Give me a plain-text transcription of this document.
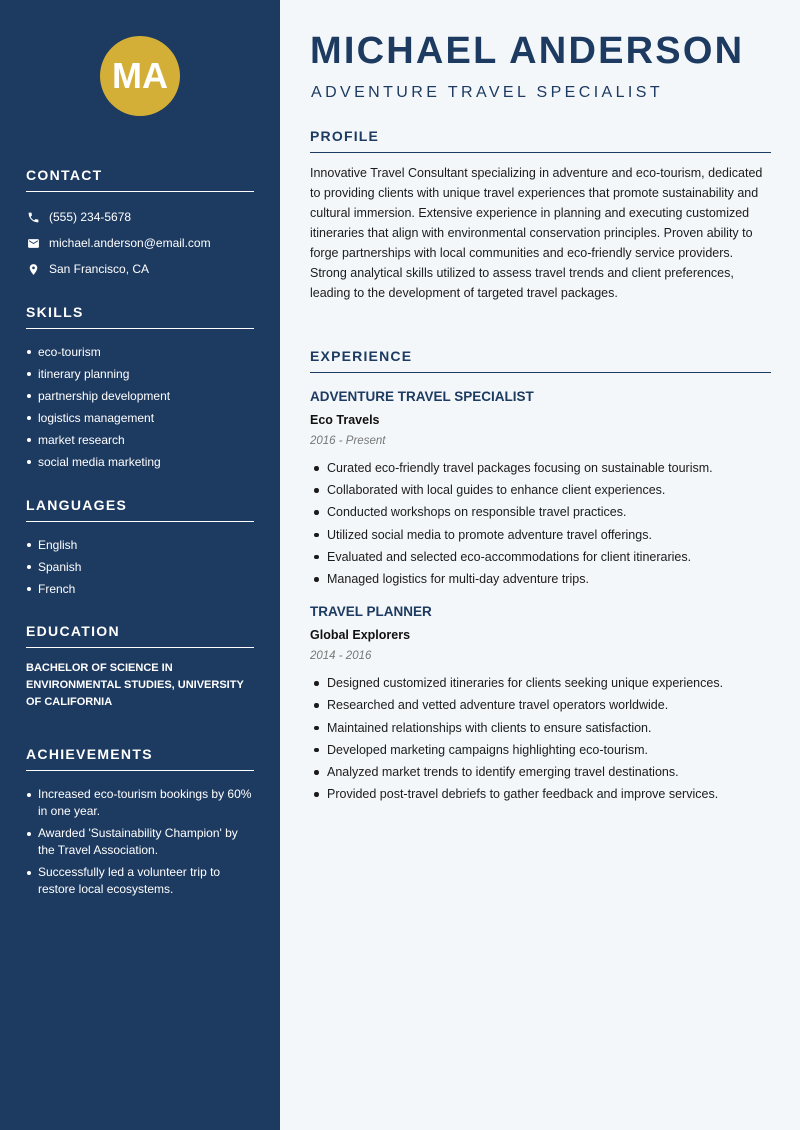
MA
CONTACT
(555) 234-5678
michael.anderson@email.com
San Francisco, CA
SKILLS
eco-tourism
itinerary planning
partnership development
logistics management
market research
social media marketing
LANGUAGES
English
Spanish
French
EDUCATION
BACHELOR OF SCIENCE IN ENVIRONMENTAL STUDIES, UNIVERSITY OF CALIFORNIA
ACHIEVEMENTS
Increased eco-tourism bookings by 60% in one year.
Awarded 'Sustainability Champion' by the Travel Association.
Successfully led a volunteer trip to restore local ecosystems.
MICHAEL ANDERSON
ADVENTURE TRAVEL SPECIALIST
PROFILE

Innovative Travel Consultant specializing in adventure and eco-tourism, dedicated to providing clients with unique travel experiences that promote sustainability and cultural immersion. Extensive experience in planning and executing customized itineraries that align with environmental conservation principles. Proven ability to forge partnerships with local communities and eco-friendly service providers. Strong analytical skills utilized to assess travel trends and client preferences, leading to the development of targeted travel packages.

EXPERIENCE
ADVENTURE TRAVEL SPECIALIST
Eco Travels
2016 - Present
Curated eco-friendly travel packages focusing on sustainable tourism.
Collaborated with local guides to enhance client experiences.
Conducted workshops on responsible travel practices.
Utilized social media to promote adventure travel offerings.
Evaluated and selected eco-accommodations for client itineraries.
Managed logistics for multi-day adventure trips.
TRAVEL PLANNER
Global Explorers
2014 - 2016
Designed customized itineraries for clients seeking unique experiences.
Researched and vetted adventure travel operators worldwide.
Maintained relationships with clients to ensure satisfaction.
Developed marketing campaigns highlighting eco-tourism.
Analyzed market trends to identify emerging travel destinations.
Provided post-travel debriefs to gather feedback and improve services.
